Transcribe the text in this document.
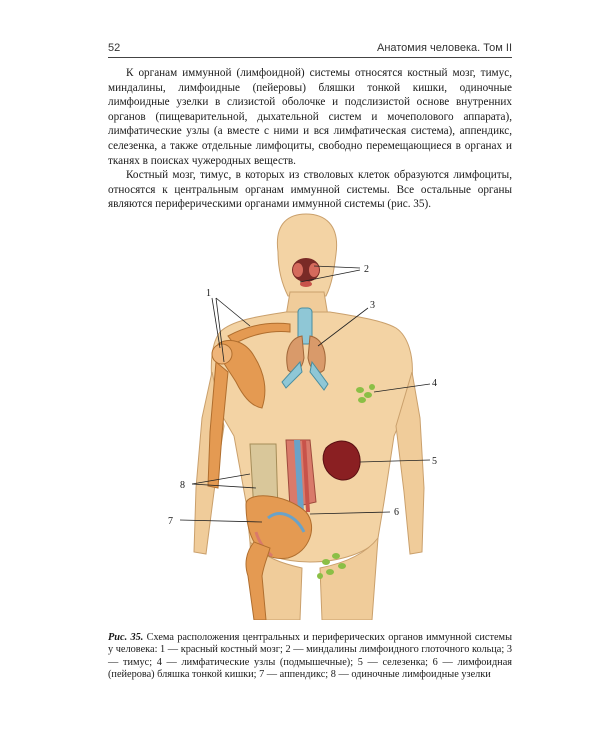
52	Анатомия человека. Том II

К органам иммунной (лимфоидной) системы относятся костный мозг, тимус, миндалины, лимфоидные (пейеровы) бляшки тонкой кишки, одиночные лимфоидные узелки в слизистой оболочке и подслизистой основе внутренних органов (пищеварительной, дыхательной систем и мочеполового аппарата), лимфатические узлы (а вместе с ними и вся лимфатическая система), аппендикс, селезенка, а также отдельные лимфоциты, свободно перемещающиеся в органах и тканях в поисках чужеродных веществ.

Костный мозг, тимус, в которых из стволовых клеток образуются лимфоциты, относятся к центральным органам иммунной системы. Все остальные органы являются периферическими органами иммунной системы (рис. 35).

1
2
3
4
5
6
7
8
Рис. 35. Схема расположения центральных и периферических органов иммунной системы у человека: 1 — красный костный мозг; 2 — миндалины лимфоидного глоточного кольца; 3 — тимус; 4 — лимфатические узлы (подмышечные); 5 — селезенка; 6 — лимфоидная (пейерова) бляшка тонкой кишки; 7 — аппендикс; 8 — одиночные лимфоидные узелки
